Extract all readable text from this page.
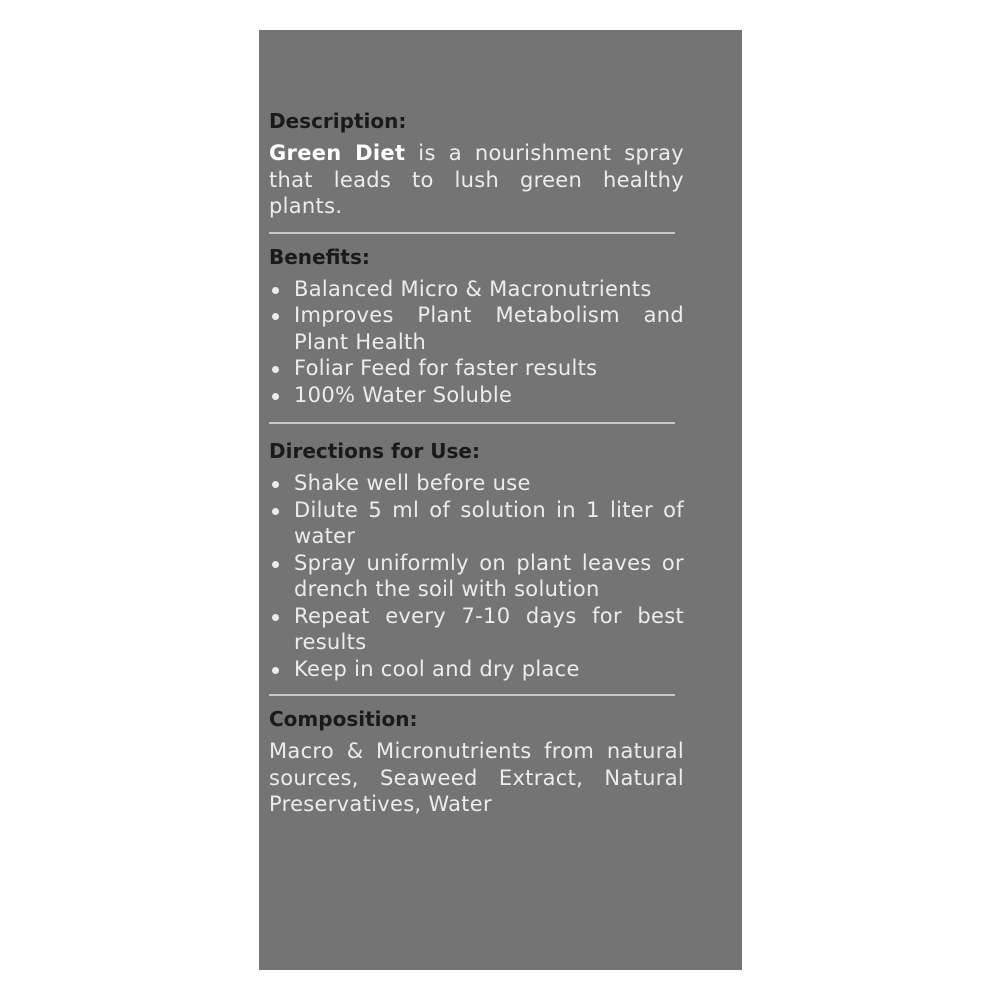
Description:

Green Diet is a nourishment spray that leads to lush green healthy plants.

Benefits:
Balanced Micro & Macronutrients
Improves Plant Metabolism and Plant Health
Foliar Feed for faster results
100% Water Soluble
Directions for Use:
Shake well before use
Dilute 5 ml of solution in 1 liter of water
Spray uniformly on plant leaves or drench the soil with solution
Repeat every 7-10 days for best results
Keep in cool and dry place
Composition:

Macro & Micronutrients from natural sources, Seaweed Extract, Natural Preservatives, Water
